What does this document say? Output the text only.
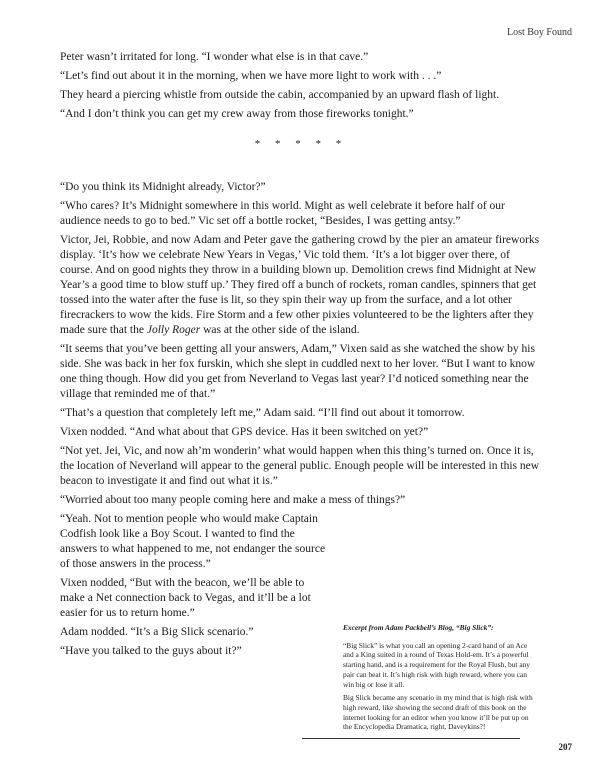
Lost Boy Found

Peter wasn’t irritated for long. “I wonder what else is in that cave.”

“Let’s find out about it in the morning, when we have more light to work with . . .”

They heard a piercing whistle from outside the cabin, accompanied by an upward flash of light.

“And I don’t think you can get my crew away from those fireworks tonight.”

* * * * *

“Do you think its Midnight already, Victor?”

“Who cares? It’s Midnight somewhere in this world. Might as well celebrate it before half of our audience needs to go to bed.” Vic set off a bottle rocket, “Besides, I was getting antsy.”

Victor, Jei, Robbie, and now Adam and Peter gave the gathering crowd by the pier an amateur fireworks display. ‘It’s how we celebrate New Years in Vegas,’ Vic told them. ‘It’s a lot bigger over there, of course. And on good nights they throw in a building blown up. Demolition crews find Midnight at New Year’s a good time to blow stuff up.’ They fired off a bunch of rockets, roman candles, spinners that get tossed into the water after the fuse is lit, so they spin their way up from the surface, and a lot other firecrackers to wow the kids. Fire Storm and a few other pixies volunteered to be the lighters after they made sure that the Jolly Roger was at the other side of the island.

“It seems that you’ve been getting all your answers, Adam,” Vixen said as she watched the show by his side. She was back in her fox furskin, which she slept in cuddled next to her lover. “But I want to know one thing though. How did you get from Neverland to Vegas last year? I’d noticed something near the village that reminded me of that.”

“That’s a question that completely left me,” Adam said. “I’ll find out about it tomorrow.

Vixen nodded. “And what about that GPS device. Has it been switched on yet?”

“Not yet. Jei, Vic, and now ah’m wonderin’ what would happen when this thing’s turned on. Once it is, the location of Neverland will appear to the general public. Enough people will be interested in this new beacon to investigate it and find out what it is.”

“Worried about too many people coming here and make a mess of things?”

“Yeah. Not to mention people who would make Captain Codfish look like a Boy Scout. I wanted to find the answers to what happened to me, not endanger the source of those answers in the process.”

Vixen nodded, “But with the beacon, we’ll be able to make a Net connection back to Vegas, and it’ll be a lot easier for us to return home.”

Adam nodded. “It’s a Big Slick scenario.”

“Have you talked to the guys about it?”

Excerpt from Adam Packbell’s Blog, “Big Slick”:

“Big Slick” is what you call an opening 2-card hand of an Ace and a King suited in a round of Texas Hold-em. It’s a powerful starting hand, and is a requirement for the Royal Flush, but any pair can beat it. It’s high risk with high reward, where you can win big or lose it all.

Big Slick became any scenario in my mind that is high risk with high reward, like showing the second draft of this book on the internet looking for an editor when you know it’ll be put up on the Encyclopedia Dramatica, right, Daveykins?!

207
